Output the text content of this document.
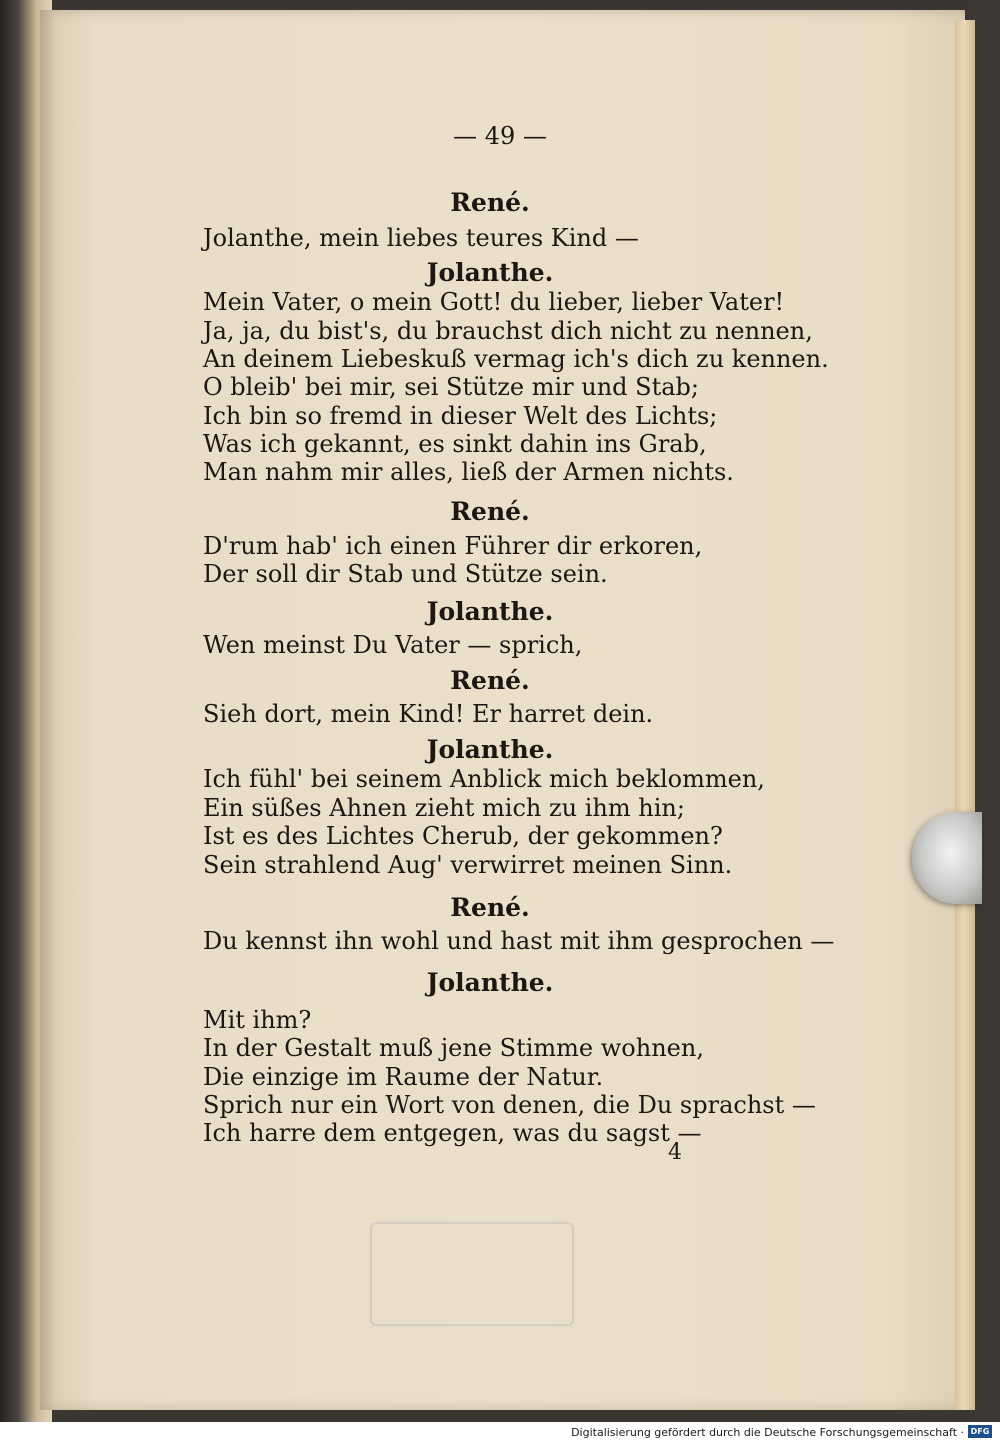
— 49 —
René.
Jolanthe, mein liebes teures Kind —
Jolanthe.
Mein Vater, o mein Gott! du lieber, lieber Vater!
Ja, ja, du bist's, du brauchst dich nicht zu nennen,
An deinem Liebeskuß vermag ich's dich zu kennen.
O bleib' bei mir, sei Stütze mir und Stab;
Ich bin so fremd in dieser Welt des Lichts;
Was ich gekannt, es sinkt dahin ins Grab,
Man nahm mir alles, ließ der Armen nichts.
René.
D'rum hab' ich einen Führer dir erkoren,
Der soll dir Stab und Stütze sein.
Jolanthe.
Wen meinst Du Vater — sprich,
René.
Sieh dort, mein Kind! Er harret dein.
Jolanthe.
Ich fühl' bei seinem Anblick mich beklommen,
Ein süßes Ahnen zieht mich zu ihm hin;
Ist es des Lichtes Cherub, der gekommen?
Sein strahlend Aug' verwirret meinen Sinn.
René.
Du kennst ihn wohl und hast mit ihm gesprochen —
Jolanthe.
Mit ihm?
In der Gestalt muß jene Stimme wohnen,
Die einzige im Raume der Natur.
Sprich nur ein Wort von denen, die Du sprachst —
Ich harre dem entgegen, was du sagst —
4
Digitalisierung gefördert durch die Deutsche Forschungsgemeinschaft · DFG
